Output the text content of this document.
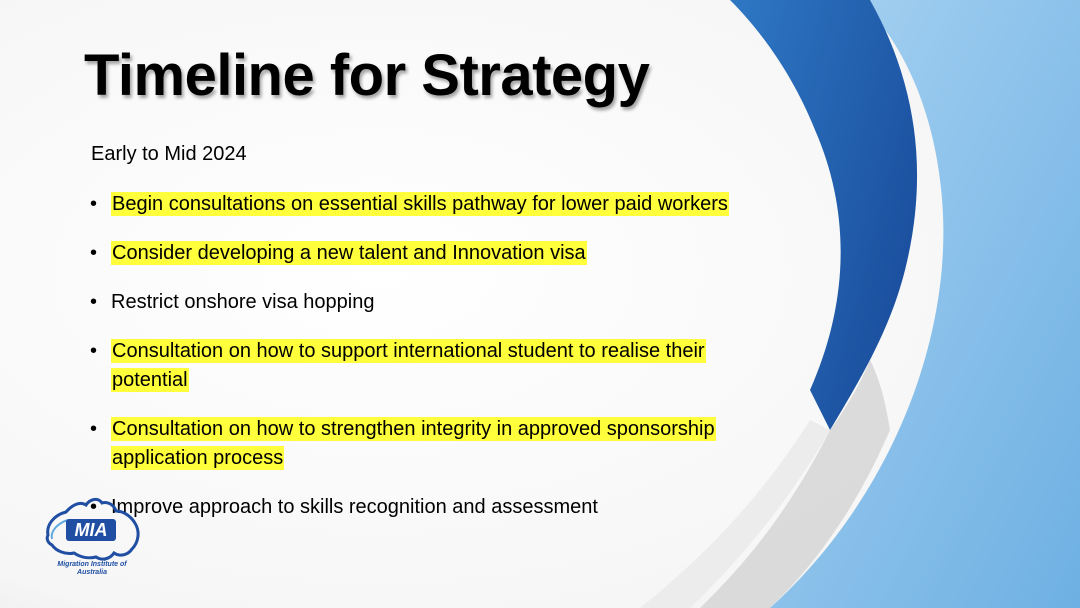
Timeline for Strategy
Early to Mid 2024
• Begin consultations on essential skills pathway for lower paid workers
• Consider developing a new talent and Innovation visa
• Restrict onshore visa hopping
• Consultation on how to support international student to realise their potential
• Consultation on how to strengthen integrity in approved sponsorship application process
• Improve approach to skills recognition and assessment
MIA
Migration Institute of Australia
